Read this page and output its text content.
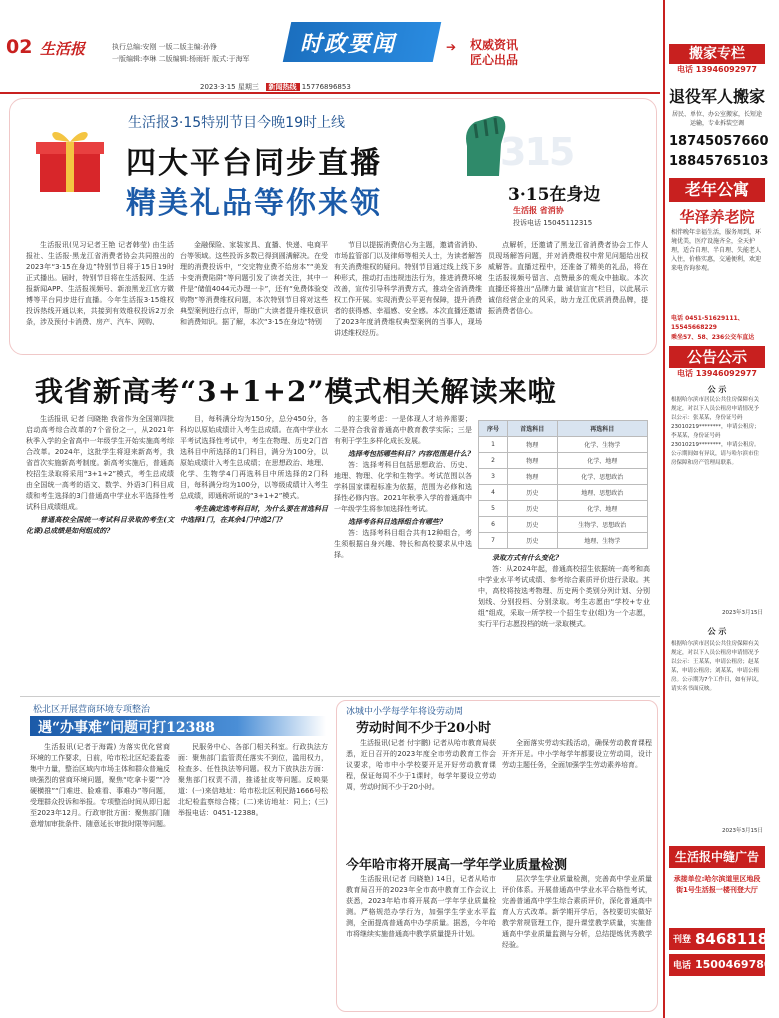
02 生活报	执行总编:安刚 一版二版主编:孙铮
一版编辑:李琳 二版编辑:杨雨轩 版式:于海军
时政要闻	➔ 权威资讯
匠心出品
2023·3·15 星期三 新闻热线 15776896853
生活报3·15特别节目今晚19时上线
四大平台同步直播
精美礼品等你来领
315
3·15在身边
生活报 省消协
投诉电话 15045112315

生活报讯(见习记者王艳 记者韩莹) 由生活报社、生活报·黑龙江省消费者协会共同推出的2023年“3·15在身边”特别节目将于15日19时正式播出。届时，特别节目将在生活报网、生活报新闻APP、生活报视频号、新浪黑龙江官方微博等平台同步进行直播。今年生活报3·15维权投诉热线开通以来，共接到有效维权投诉2万余条，涉及预付卡消费、房产、汽车、网购、

金融保险、家装家具、直播、快递、电商平台等领域。这些投诉多数已得到圆满解决。在受理的消费投诉中，“交完物业费不给房本”“美发卡变消费陷阱”等问题引发了读者关注，其中一件是“储值4044元办理一卡”，还有“免费体验变购物”等消费维权问题，本次特别节目将对这些典型案例进行点评，帮助广大读者提升维权意识和消费知识。据了解，本次“3·15在身边”特别

节目以提振消费信心为主题，邀请省消协、市场监管部门以及律师等相关人士，为读者解答有关消费维权的疑问。特别节目通过线上线下多种形式，推动打击违规违法行为，推进消费环境改善，宣传引导科学消费方式，推动全省消费维权工作开展。实现消费公平更有保障，提升消费者的获得感、幸福感、安全感。本次直播还邀请了2023年度消费维权典型案例的当事人，现场讲述维权经历。

点解析，还邀请了黑龙江省消费者协会工作人员现场解答问题，并对消费维权中常见问题给出权威解答。直播过程中，还准备了精美的礼品，将在生活报视频号留言、点赞最多的观众中抽取。本次直播还将推出“品牌力量 诚信宣言”栏目，以此展示诚信经营企业的风采，助力龙江优质消费品牌，提振消费者信心。

我省新高考“3+1+2”模式相关解读来啦

生活报讯 记者 闫晓艳 我省作为全国第四批启动高考综合改革的7个省份之一，从2021年秋季入学的全省高中一年级学生开始实施高考综合改革。2024年，这批学生将迎来新高考，我省首次实施新高考制度。新高考实施后，普通高校招生录取将采用“3+1+2”模式，考生总成绩由全国统一高考的语文、数学、外语3门科目成绩和考生选择的3门普通高中学业水平选择性考试科目成绩组成。

普通高校全国统一考试科目录取的考生(文化课)总成绩是如何组成的?

目，每科满分均为150分，总分450分，各科均以原始成绩计入考生总成绩。在高中学业水平考试选择性考试中，考生在物理、历史2门首选科目中所选择的1门科目，满分为100分，以原始成绩计入考生总成绩；在思想政治、地理、化学、生物学4门再选科目中所选择的2门科目，每科满分均为100分，以等级成绩计入考生总成绩，即通称所说的“3+1+2”模式。

考生确定选考科目时，为什么要在首选科目中选择1门，在其余4门中选2门?

的主要考虑：一是体现人才培养需要；二是符合我省普通高中教育教学实际；三是有利于学生多样化成长发展。

选择考包括哪些科目？内容范围是什么?

答：选择考科目包括思想政治、历史、地理、物理、化学和生物学。考试范围以各学科国家课程标准为依据，范围为必修和选择性必修内容。2021年秋季入学的普通高中一年级学生将参加选择性考试。

选择考各科目选择组合有哪些?

答：选择考科目组合共有12种组合，考生须根据自身兴趣、特长和高校要求从中选择。

序号	首选科目	再选科目
1	物理	化学、生物学
2	物理	化学、地理
3	物理	化学、思想政治
4	历史	地理、思想政治
5	历史	化学、地理
6	历史	生物学、思想政治
7	历史	地理、生物学

录取方式有什么变化?

答：从2024年起，普通高校招生依据统一高考和高中学业水平考试成绩、参考综合素质评价进行录取。其中，高校将按选考物理、历史两个类别分列计划、分别划线、分别投档、分别录取。考生志愿由“学校+专业组”组成，采取一所学校一个招生专业(组)为一个志愿，实行平行志愿投档的统一录取模式。

松北区开展营商环境专项整治
遇“办事难”问题可打12388

生活报讯(记者于海霞) 为落实优化营商环境的工作要求，日前，哈市松北区纪委监委集中力量，整治区域内市场主体和群众普遍反映强烈的营商环境问题，聚焦“吃拿卡要”“冷硬横推”“门难进、脸难看、事难办”等问题，受理群众投诉和举报。专项整治时间从即日起至2023年12月。行政审批方面：聚焦部门随意增加审批条件、随意延长审批时限等问题。

民服务中心、各部门相关科室。行政执法方面：聚焦部门监管责任落实不到位，滥用权力，检查多、任性执法等问题。权力下放执法方面：聚焦部门权责不清，推诿扯皮等问题。反映渠道：(一)来信地址：哈市松北区利民路1666号松北纪检监察综合楼；(二)来访地址：同上；(三)举报电话：0451-12388。

冰城中小学每学年将设劳动周
劳动时间不少于20小时

生活报讯(记者 付宇鹏) 记者从哈市教育局获悉，近日召开的2023年度全市劳动教育工作会议要求，哈市中小学校要开足开好劳动教育课程，保证每周不少于1课时，每学年要设立劳动周，劳动时间不少于20小时。

全面落实劳动实践活动，确保劳动教育课程开齐开足。中小学每学年都要设立劳动周，设计劳动主题任务，全面加强学生劳动素养培育。

今年哈市将开展高一学年学业质量检测

生活报讯(记者 闫晓艳) 14日，记者从哈市教育局召开的2023年全市高中教育工作会议上获悉，2023年哈市将开展高一学年学业质量检测。严格规范办学行为，加强学生学业水平监测，全面提高普通高中办学质量。据悉，今年哈市将继续实施普通高中教学质量提升计划。

层次学生学业质量检测，完善高中学业质量评价体系。开展普通高中学业水平合格性考试，完善普通高中学生综合素质评价，深化普通高中育人方式改革。新学期开学后，各校要切实做好教学常规管理工作，提升课堂教学质量，实施普通高中学业质量监测与分析，总结提炼优秀教学经验。

搬家专栏
电话 13946092977
退役军人搬家
居民、单位、办公室搬家，长短途运输，专业拆装空调
18745057660
18845765103
老年公寓
华泽养老院
相伴晚年幸福生活，服务周到，环境优美，医疗设施齐全，全天护理，适合自理、半自理、失能老人入住，价格实惠，交通便利，欢迎来电咨询参观。
电话 0451-51629111、15545668229
乘坐57、58、236公交车直达
公告公示
电话 13946092977
公 示
根据哈尔滨市居民公共住房保障有关规定，对以下人员公租房申请情况予以公示：张某某，身份证号码23010219********，申请公租房；李某某，身份证号码23010219********，申请公租房。公示期间如有异议，请与哈尔滨市住房保障和房产管理局联系。
2023年3月15日
公 示
根据哈尔滨市居民公共住房保障有关规定，对以下人员公租房申请情况予以公示：王某某，申请公租房；赵某某，申请公租房；刘某某，申请公租房。公示期为7个工作日，如有异议，请实名书面反映。
2023年3月15日
生活报中缝广告
承接单位:哈尔滨道里区地段街1号生活报一楼刊登大厅
刊登 84681180
电话 15004697804
